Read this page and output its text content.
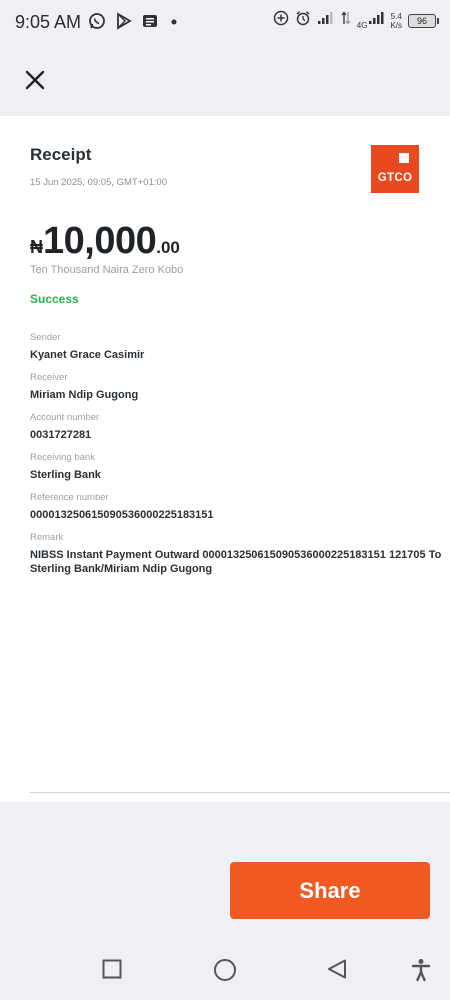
9:05 AM	4G
5.4
K/s	96
Receipt
15 Jun 2025, 09:05, GMT+01:00	GTCO
₦10,000.00
Ten Thousand Naira Zero Kobo
Success
Sender
Kyanet Grace Casimir
Receiver
Miriam Ndip Gugong
Account number
0031727281
Receiving bank
Sterling Bank
Reference number
000013250615090536000225183151
Remark
NIBSS Instant Payment Outward 000013250615090536000225183151 121705 To Sterling Bank/Miriam Ndip Gugong
Share
